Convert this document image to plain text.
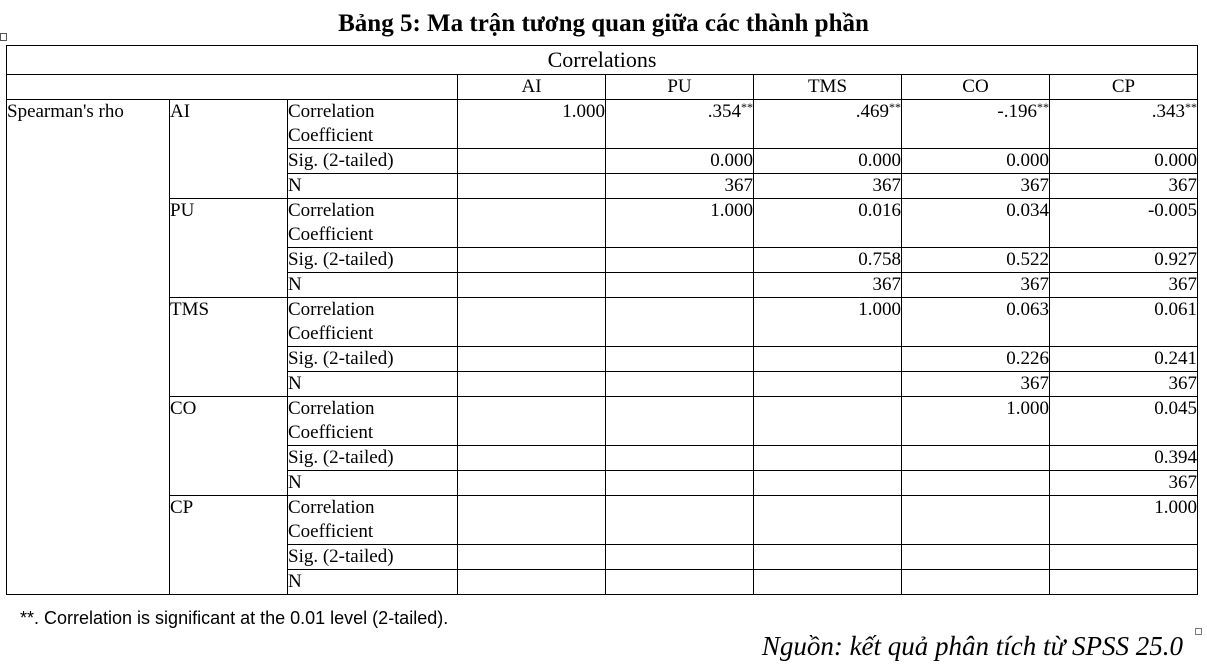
Bảng 5: Ma trận tương quan giữa các thành phần
Correlations							
			AI	PU	TMS	CO	CP
Spearman's rho	AI	Correlation Coefficient	1.000	.354**	.469**	-.196**	.343**
		Sig. (2-tailed)		0.000	0.000	0.000	0.000
		N		367	367	367	367
	PU	Correlation Coefficient		1.000	0.016	0.034	-0.005
		Sig. (2-tailed)			0.758	0.522	0.927
		N			367	367	367
	TMS	Correlation Coefficient			1.000	0.063	0.061
		Sig. (2-tailed)				0.226	0.241
		N				367	367
	CO	Correlation Coefficient				1.000	0.045
		Sig. (2-tailed)					0.394
		N					367
	CP	Correlation Coefficient					1.000
		Sig. (2-tailed)					
		N					
**. Correlation is significant at the 0.01 level (2-tailed).
Nguồn: kết quả phân tích từ SPSS 25.0
